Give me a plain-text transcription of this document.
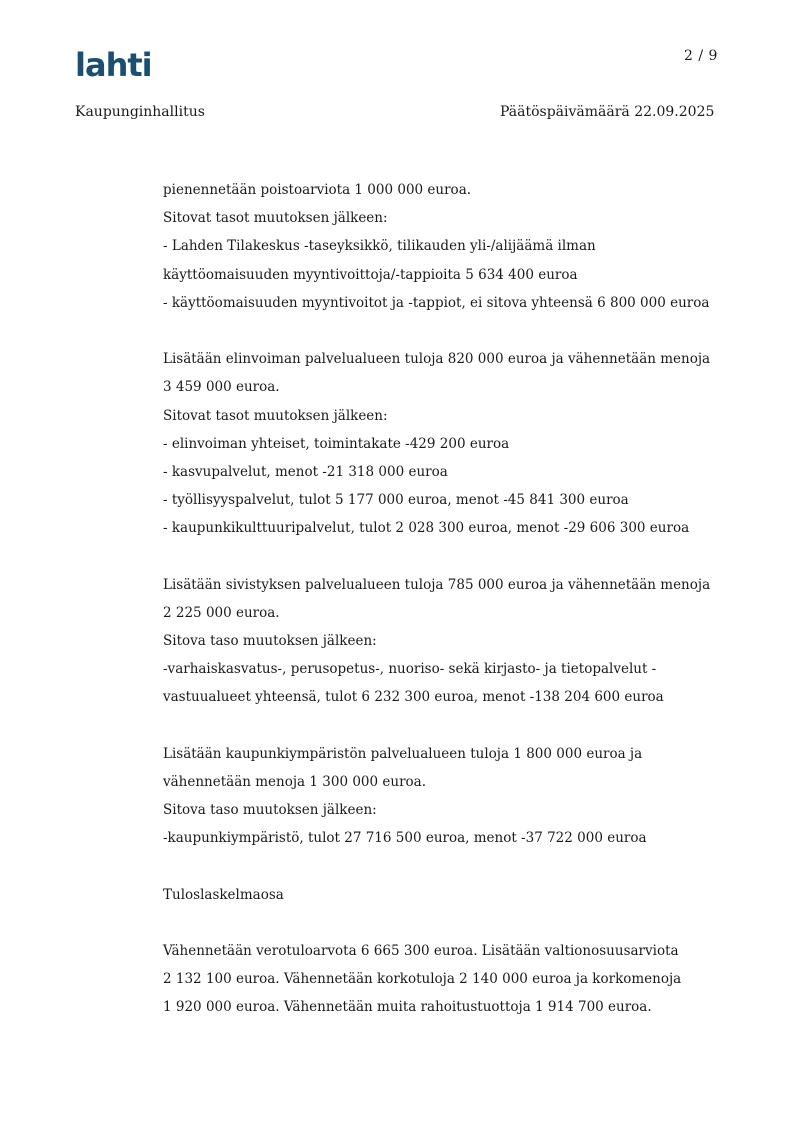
lahti	2 / 9
Kaupunginhallitus	Päätöspäivämäärä 22.09.2025
pienennetään poistoarviota 1 000 000 euroa.
Sitovat tasot muutoksen jälkeen:
- Lahden Tilakeskus -taseyksikkö, tilikauden yli-/alijäämä ilman
käyttöomaisuuden myyntivoittoja/-tappioita 5 634 400 euroa
- käyttöomaisuuden myyntivoitot ja -tappiot, ei sitova yhteensä 6 800 000 euroa
Lisätään elinvoiman palvelualueen tuloja 820 000 euroa ja vähennetään menoja
3 459 000 euroa.
Sitovat tasot muutoksen jälkeen:
- elinvoiman yhteiset, toimintakate -429 200 euroa
- kasvupalvelut, menot -21 318 000 euroa
- työllisyyspalvelut, tulot 5 177 000 euroa, menot -45 841 300 euroa
- kaupunkikulttuuripalvelut, tulot 2 028 300 euroa, menot -29 606 300 euroa
Lisätään sivistyksen palvelualueen tuloja 785 000 euroa ja vähennetään menoja
2 225 000 euroa.
Sitova taso muutoksen jälkeen:
-varhaiskasvatus-, perusopetus-, nuoriso- sekä kirjasto- ja tietopalvelut -
vastuualueet yhteensä, tulot 6 232 300 euroa, menot -138 204 600 euroa
Lisätään kaupunkiympäristön palvelualueen tuloja 1 800 000 euroa ja
vähennetään menoja 1 300 000 euroa.
Sitova taso muutoksen jälkeen:
-kaupunkiympäristö, tulot 27 716 500 euroa, menot -37 722 000 euroa
Tuloslaskelmaosa
Vähennetään verotuloarvota 6 665 300 euroa. Lisätään valtionosuusarviota
2 132 100 euroa. Vähennetään korkotuloja 2 140 000 euroa ja korkomenoja
1 920 000 euroa. Vähennetään muita rahoitustuottoja 1 914 700 euroa.
